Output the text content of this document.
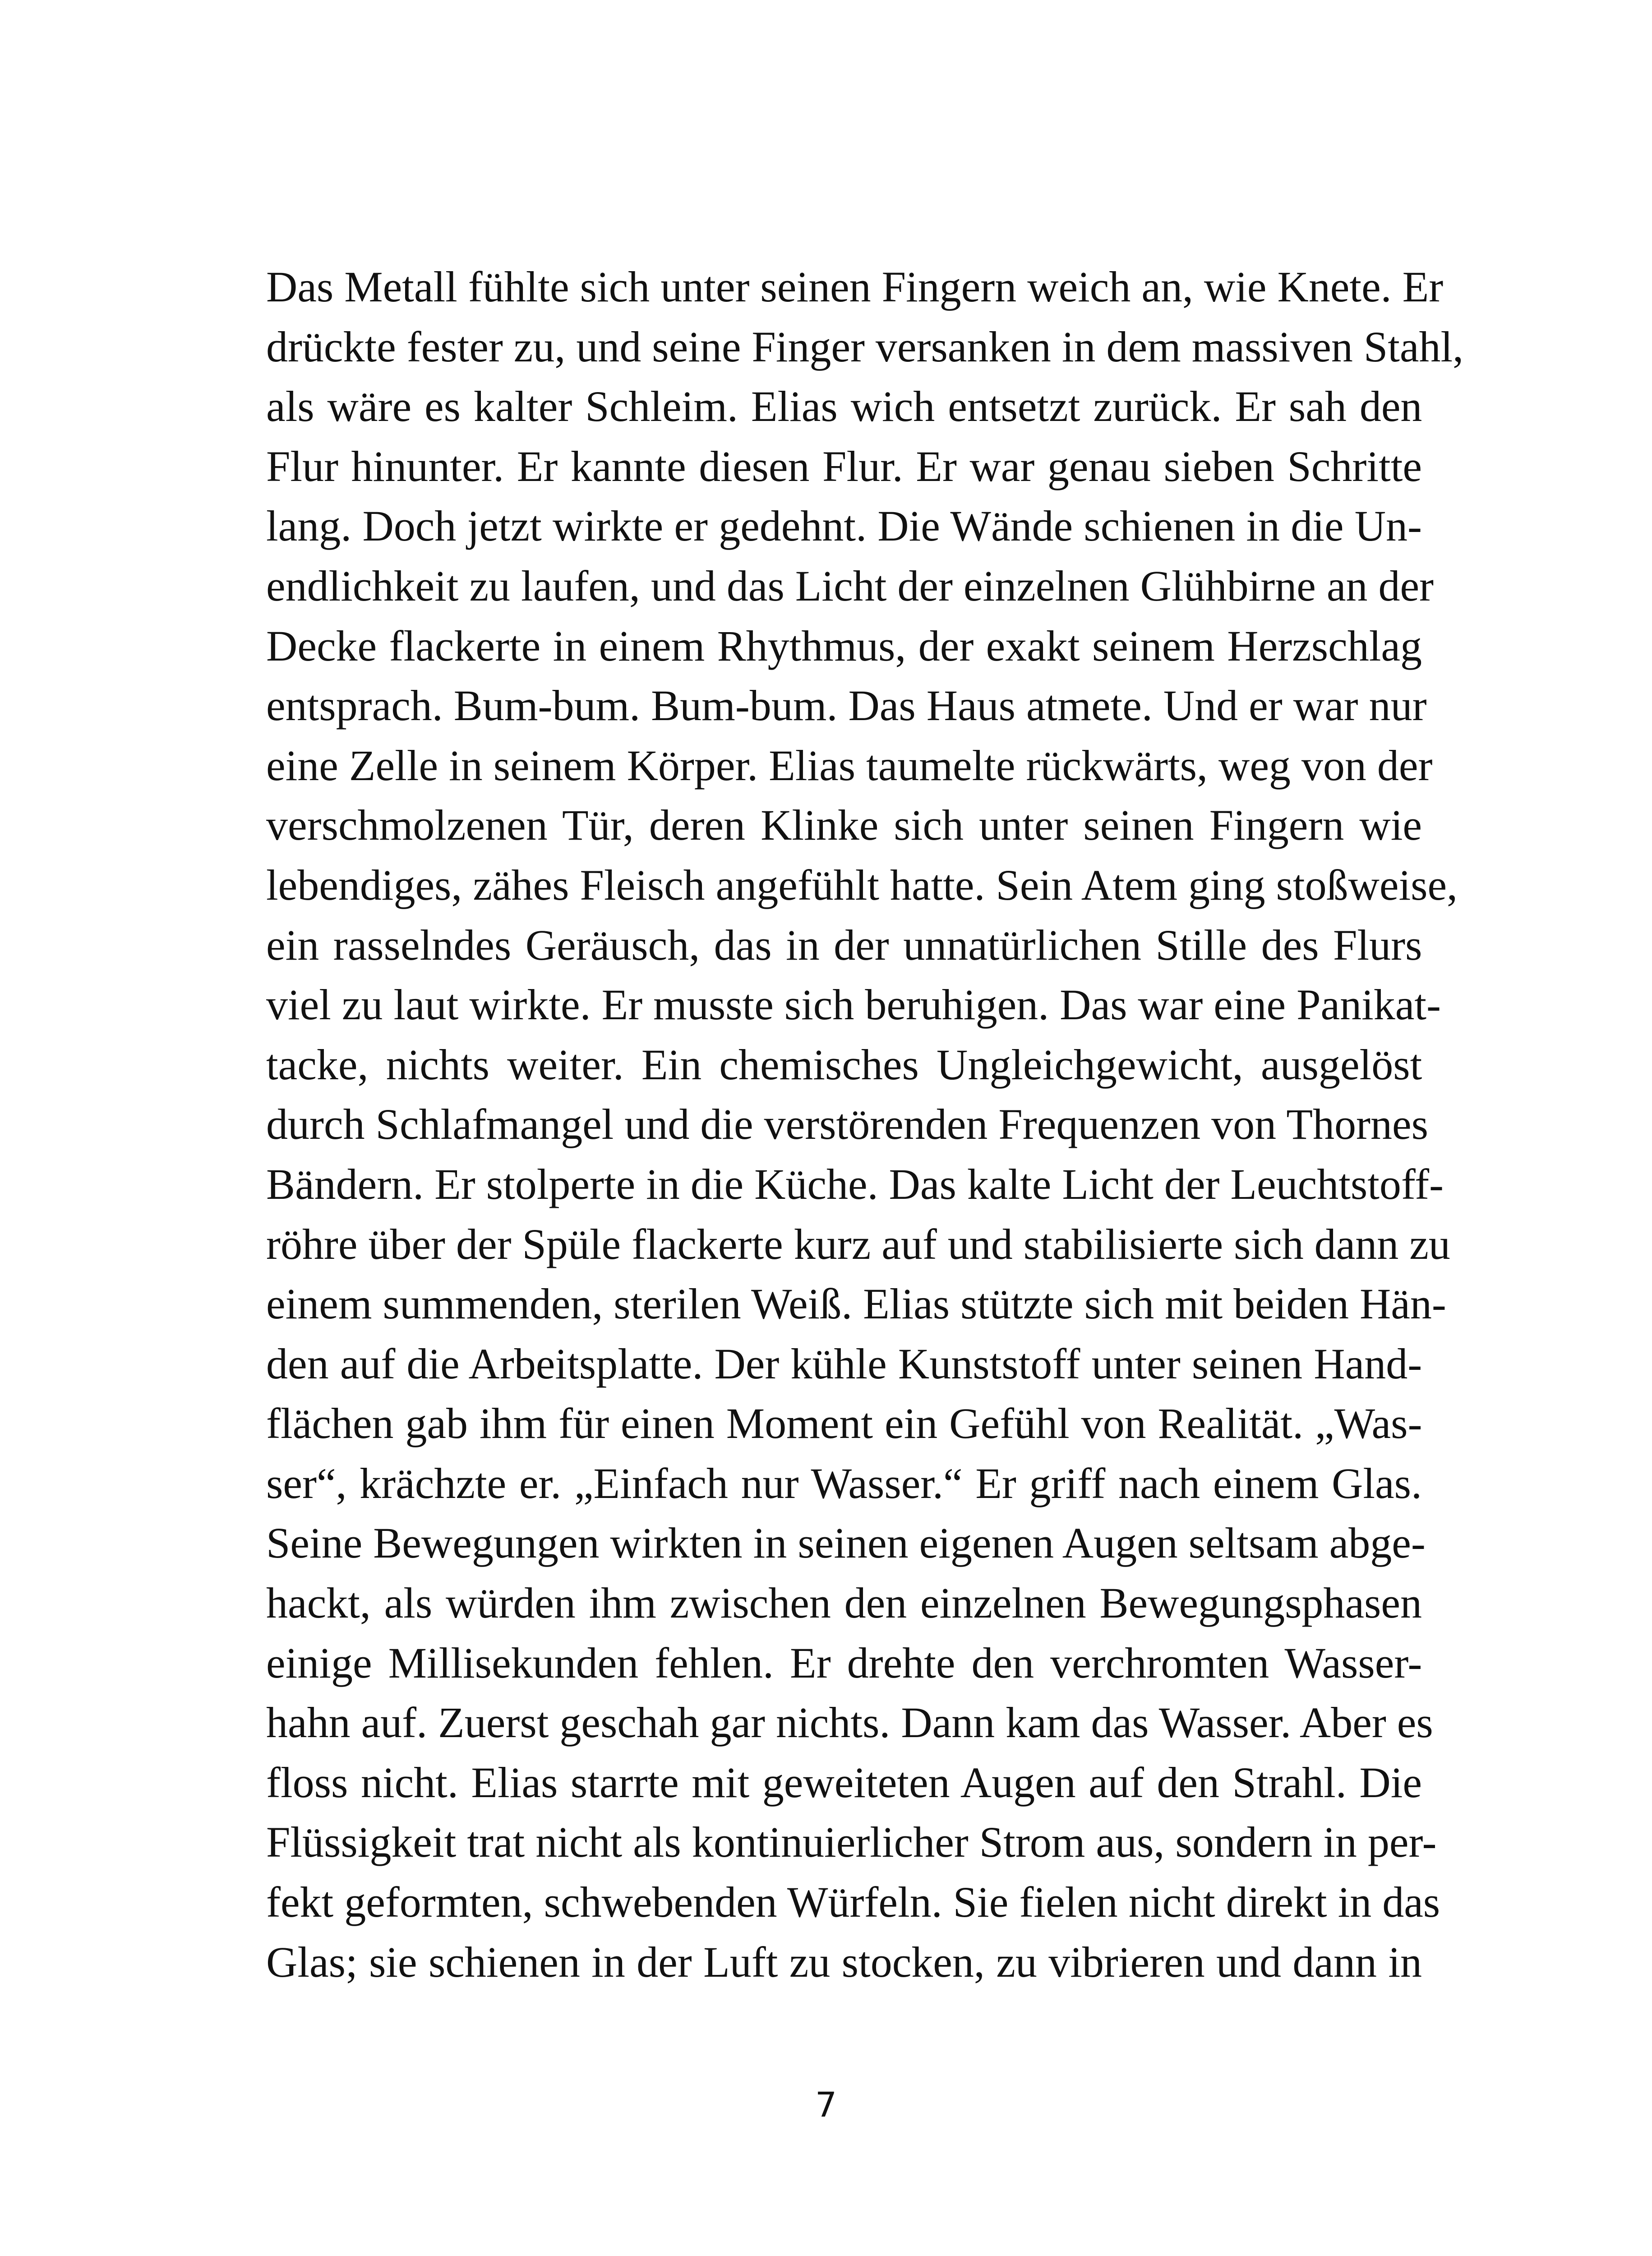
Das Metall fühlte sich unter seinen Fingern weich an, wie Knete. Er
drückte fester zu, und seine Finger versanken in dem massiven Stahl,
als wäre es kalter Schleim. Elias wich entsetzt zurück. Er sah den
Flur hinunter. Er kannte diesen Flur. Er war genau sieben Schritte
lang. Doch jetzt wirkte er gedehnt. Die Wände schienen in die Un-
endlichkeit zu laufen, und das Licht der einzelnen Glühbirne an der
Decke flackerte in einem Rhythmus, der exakt seinem Herzschlag
entsprach. Bum-bum. Bum-bum. Das Haus atmete. Und er war nur
eine Zelle in seinem Körper. Elias taumelte rückwärts, weg von der
verschmolzenen Tür, deren Klinke sich unter seinen Fingern wie
lebendiges, zähes Fleisch angefühlt hatte. Sein Atem ging stoßweise,
ein rasselndes Geräusch, das in der unnatürlichen Stille des Flurs
viel zu laut wirkte. Er musste sich beruhigen. Das war eine Panikat-
tacke, nichts weiter. Ein chemisches Ungleichgewicht, ausgelöst
durch Schlafmangel und die verstörenden Frequenzen von Thornes
Bändern. Er stolperte in die Küche. Das kalte Licht der Leuchtstoff-
röhre über der Spüle flackerte kurz auf und stabilisierte sich dann zu
einem summenden, sterilen Weiß. Elias stützte sich mit beiden Hän-
den auf die Arbeitsplatte. Der kühle Kunststoff unter seinen Hand-
flächen gab ihm für einen Moment ein Gefühl von Realität. „Was-
ser“, krächzte er. „Einfach nur Wasser.“ Er griff nach einem Glas.
Seine Bewegungen wirkten in seinen eigenen Augen seltsam abge-
hackt, als würden ihm zwischen den einzelnen Bewegungsphasen
einige Millisekunden fehlen. Er drehte den verchromten Wasser-
hahn auf. Zuerst geschah gar nichts. Dann kam das Wasser. Aber es
floss nicht. Elias starrte mit geweiteten Augen auf den Strahl. Die
Flüssigkeit trat nicht als kontinuierlicher Strom aus, sondern in per-
fekt geformten, schwebenden Würfeln. Sie fielen nicht direkt in das
Glas; sie schienen in der Luft zu stocken, zu vibrieren und dann in
7
